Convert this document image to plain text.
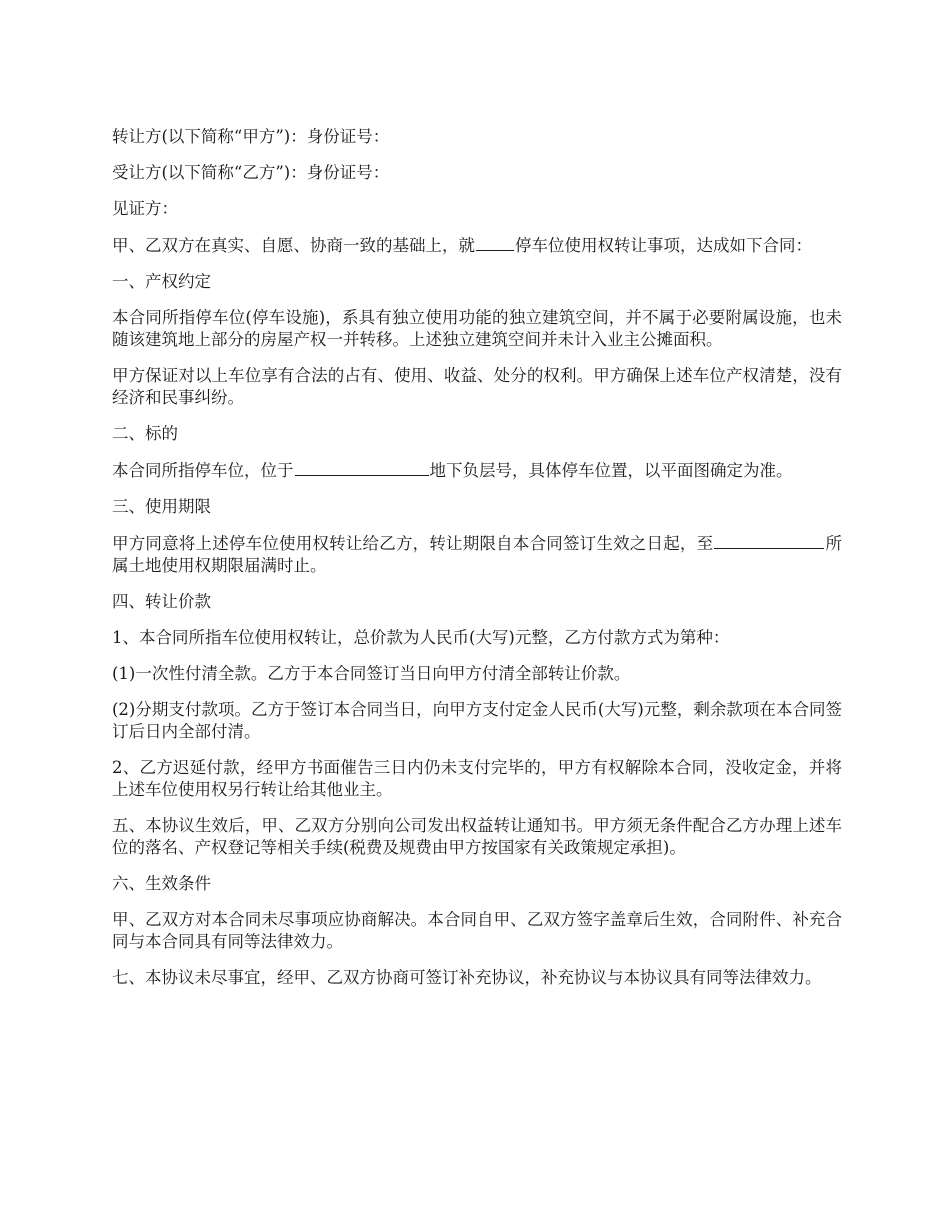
转让方(以下简称“甲方”)：身份证号：

受让方(以下简称“乙方”)：身份证号：

见证方：

甲、乙双方在真实、自愿、协商一致的基础上，就 停车位使用权转让事项，达成如下合同：

一、产权约定

本合同所指停车位(停车设施)，系具有独立使用功能的独立建筑空间，并不属于必要附属设施，也未随该建筑地上部分的房屋产权一并转移。上述独立建筑空间并未计入业主公摊面积。

甲方保证对以上车位享有合法的占有、使用、收益、处分的权利。甲方确保上述车位产权清楚，没有经济和民事纠纷。

二、标的

本合同所指停车位，位于	地下负层号，具体停车位置，以平面图确定为准。

三、使用期限

甲方同意将上述停车位使用权转让给乙方，转让期限自本合同签订生效之日起，至	所属土地使用权期限届满时止。

四、转让价款

1、本合同所指车位使用权转让，总价款为人民币(大写)元整，乙方付款方式为第种：

(1)一次性付清全款。乙方于本合同签订当日向甲方付清全部转让价款。

(2)分期支付款项。乙方于签订本合同当日，向甲方支付定金人民币(大写)元整，剩余款项在本合同签订后日内全部付清。

2、乙方迟延付款，经甲方书面催告三日内仍未支付完毕的，甲方有权解除本合同，没收定金，并将上述车位使用权另行转让给其他业主。

五、本协议生效后，甲、乙双方分别向公司发出权益转让通知书。甲方须无条件配合乙方办理上述车位的落名、产权登记等相关手续(税费及规费由甲方按国家有关政策规定承担)。

六、生效条件

甲、乙双方对本合同未尽事项应协商解决。本合同自甲、乙双方签字盖章后生效，合同附件、补充合同与本合同具有同等法律效力。

七、本协议未尽事宜，经甲、乙双方协商可签订补充协议，补充协议与本协议具有同等法律效力。
